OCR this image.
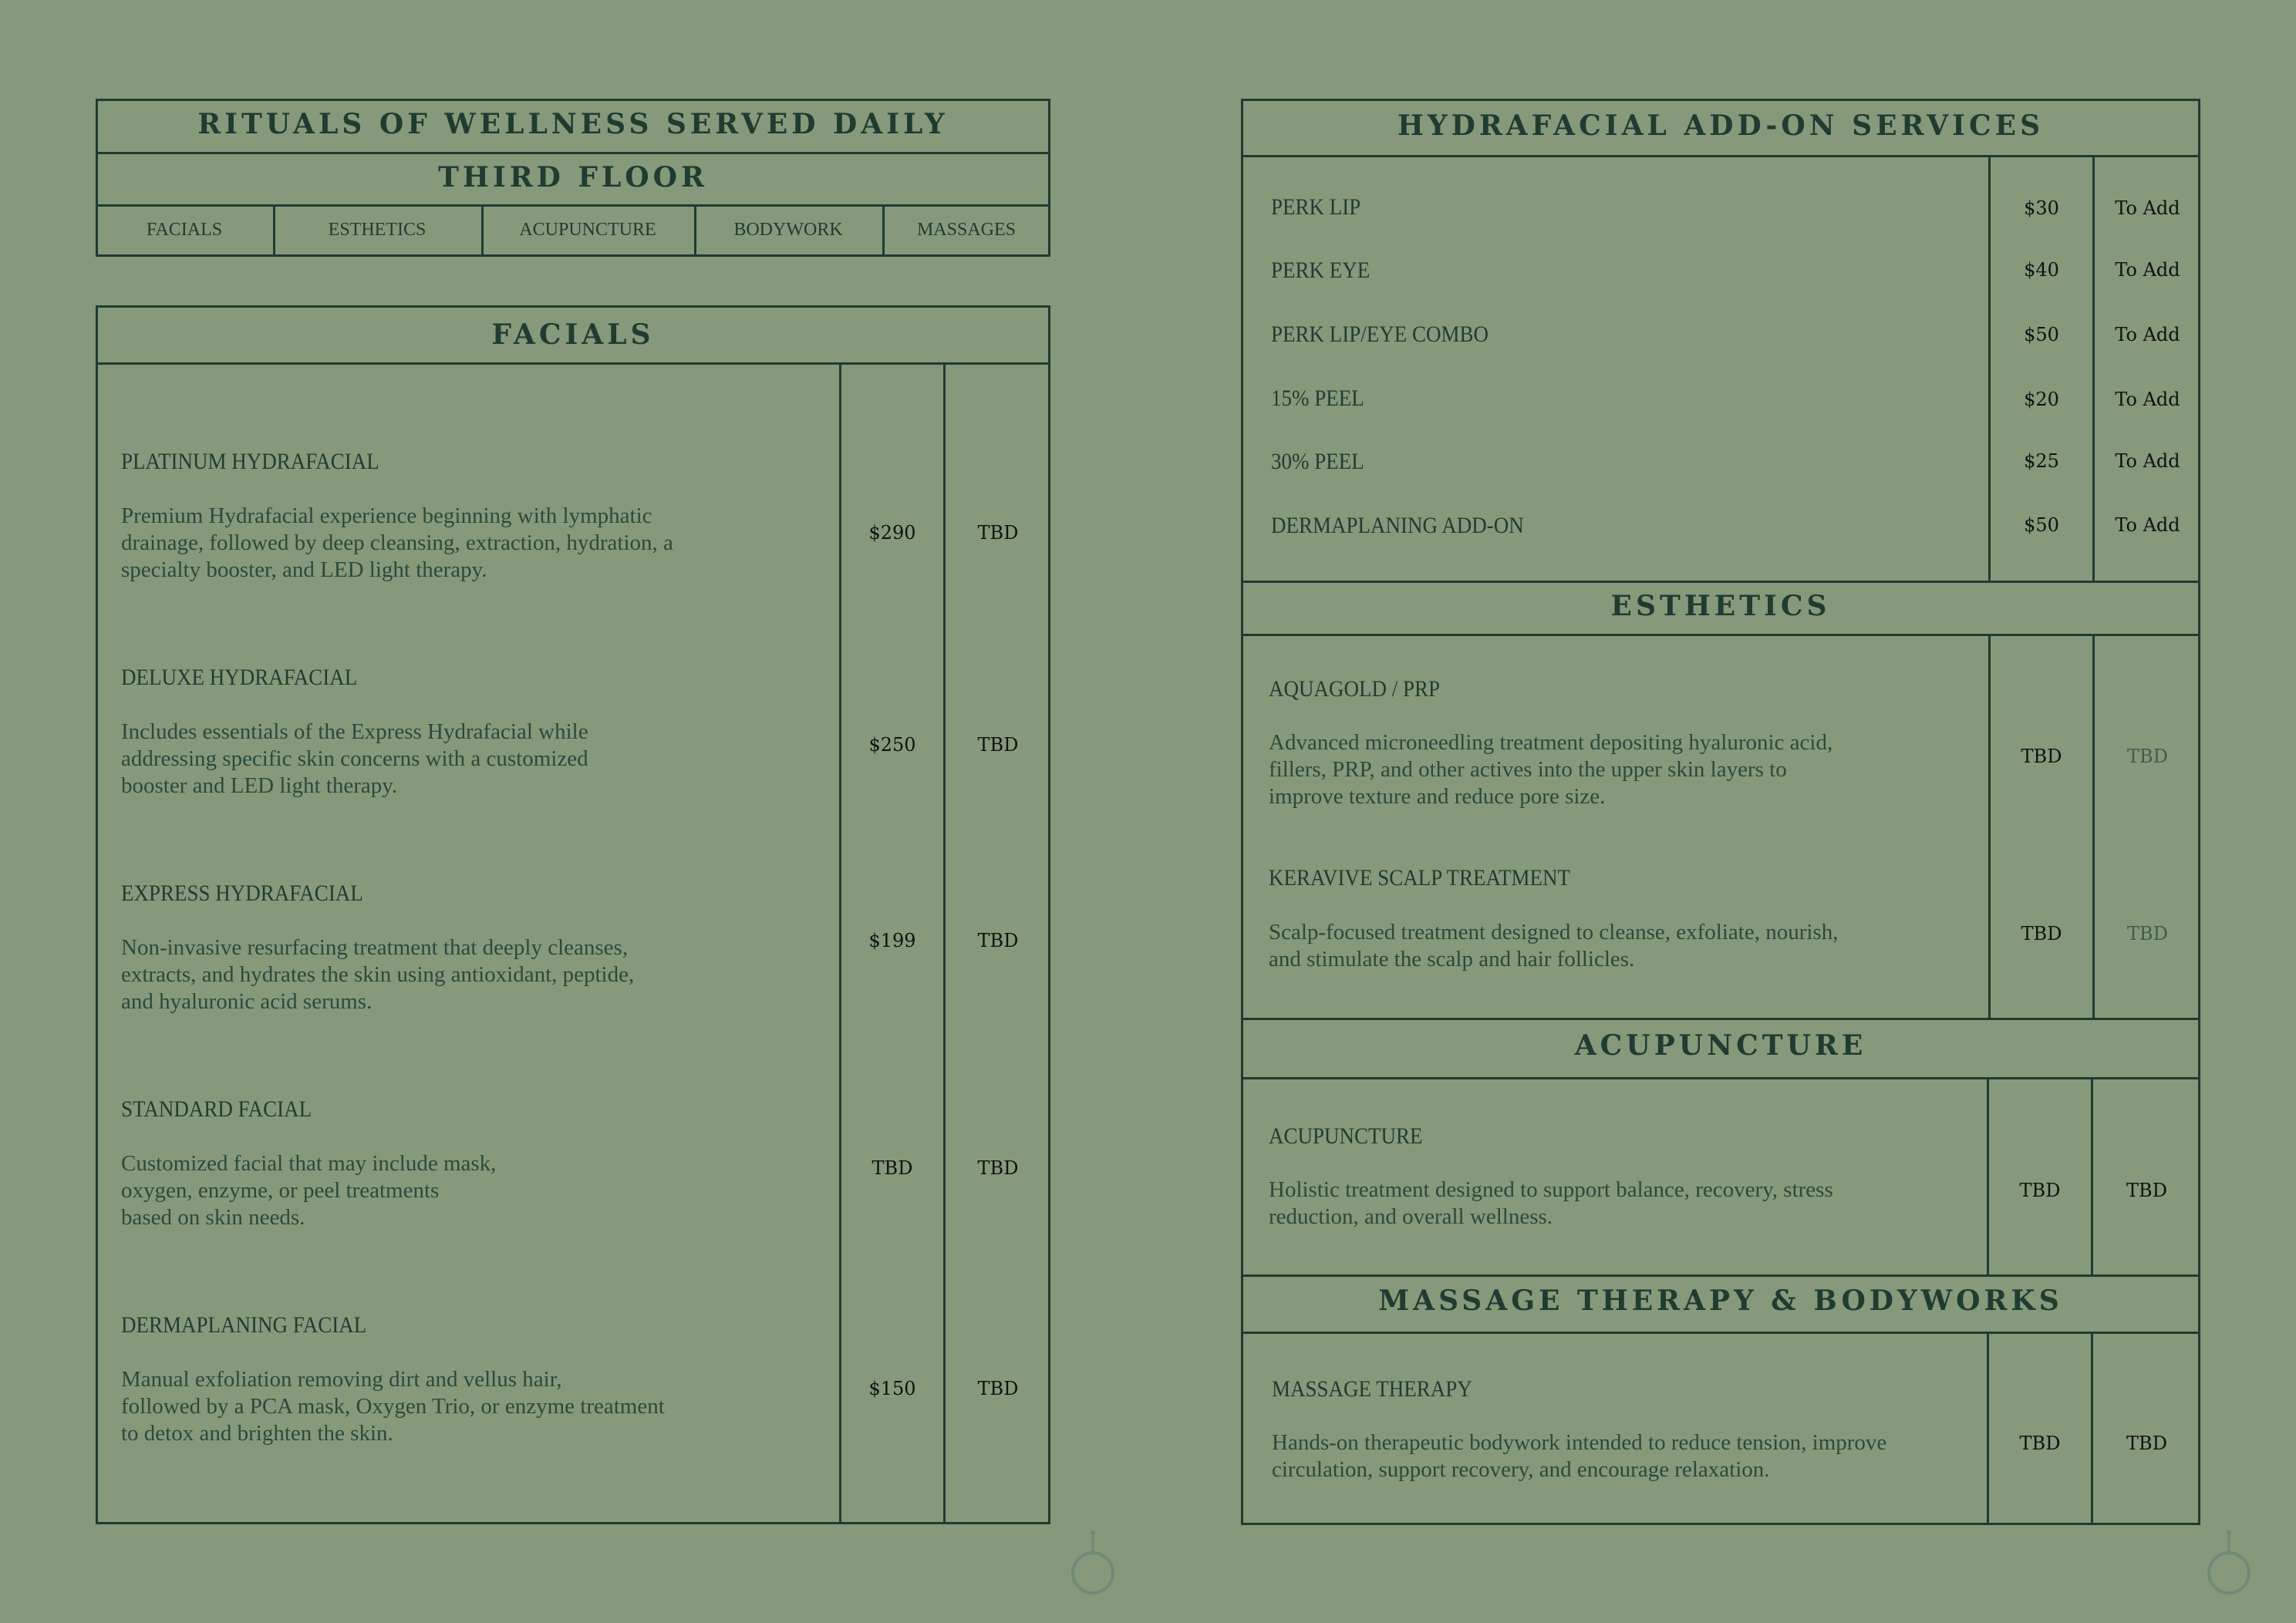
RITUALS OF WELLNESS SERVED DAILY
THIRD FLOOR
FACIALS	ESTHETICS	ACUPUNCTURE	BODYWORK	MASSAGES
FACIALS
PLATINUM HYDRAFACIAL
Premium Hydrafacial experience beginning with lymphatic
drainage, followed by deep cleansing, extraction, hydration, a
specialty booster, and LED light therapy.
$290	TBD
DELUXE HYDRAFACIAL
Includes essentials of the Express Hydrafacial while
addressing specific skin concerns with a customized
booster and LED light therapy.
$250	TBD
EXPRESS HYDRAFACIAL
Non-invasive resurfacing treatment that deeply cleanses,
extracts, and hydrates the skin using antioxidant, peptide,
and hyaluronic acid serums.
$199	TBD
STANDARD FACIAL
Customized facial that may include mask,
oxygen, enzyme, or peel treatments
based on skin needs.
TBD	TBD
DERMAPLANING FACIAL
Manual exfoliation removing dirt and vellus hair,
followed by a PCA mask, Oxygen Trio, or enzyme treatment
to detox and brighten the skin.
$150	TBD
HYDRAFACIAL ADD-ON SERVICES
PERK LIP	$30	To Add
PERK EYE	$40	To Add
PERK LIP/EYE COMBO	$50	To Add
15% PEEL	$20	To Add
30% PEEL	$25	To Add
DERMAPLANING ADD-ON	$50	To Add
ESTHETICS
AQUAGOLD / PRP
Advanced microneedling treatment depositing hyaluronic acid,
fillers, PRP, and other actives into the upper skin layers to
improve texture and reduce pore size.
TBD	TBD
KERAVIVE SCALP TREATMENT
Scalp-focused treatment designed to cleanse, exfoliate, nourish,
and stimulate the scalp and hair follicles.
TBD	TBD
ACUPUNCTURE
ACUPUNCTURE
Holistic treatment designed to support balance, recovery, stress
reduction, and overall wellness.
TBD	TBD
MASSAGE THERAPY & BODYWORKS
MASSAGE THERAPY
Hands-on therapeutic bodywork intended to reduce tension, improve
circulation, support recovery, and encourage relaxation.
TBD	TBD
